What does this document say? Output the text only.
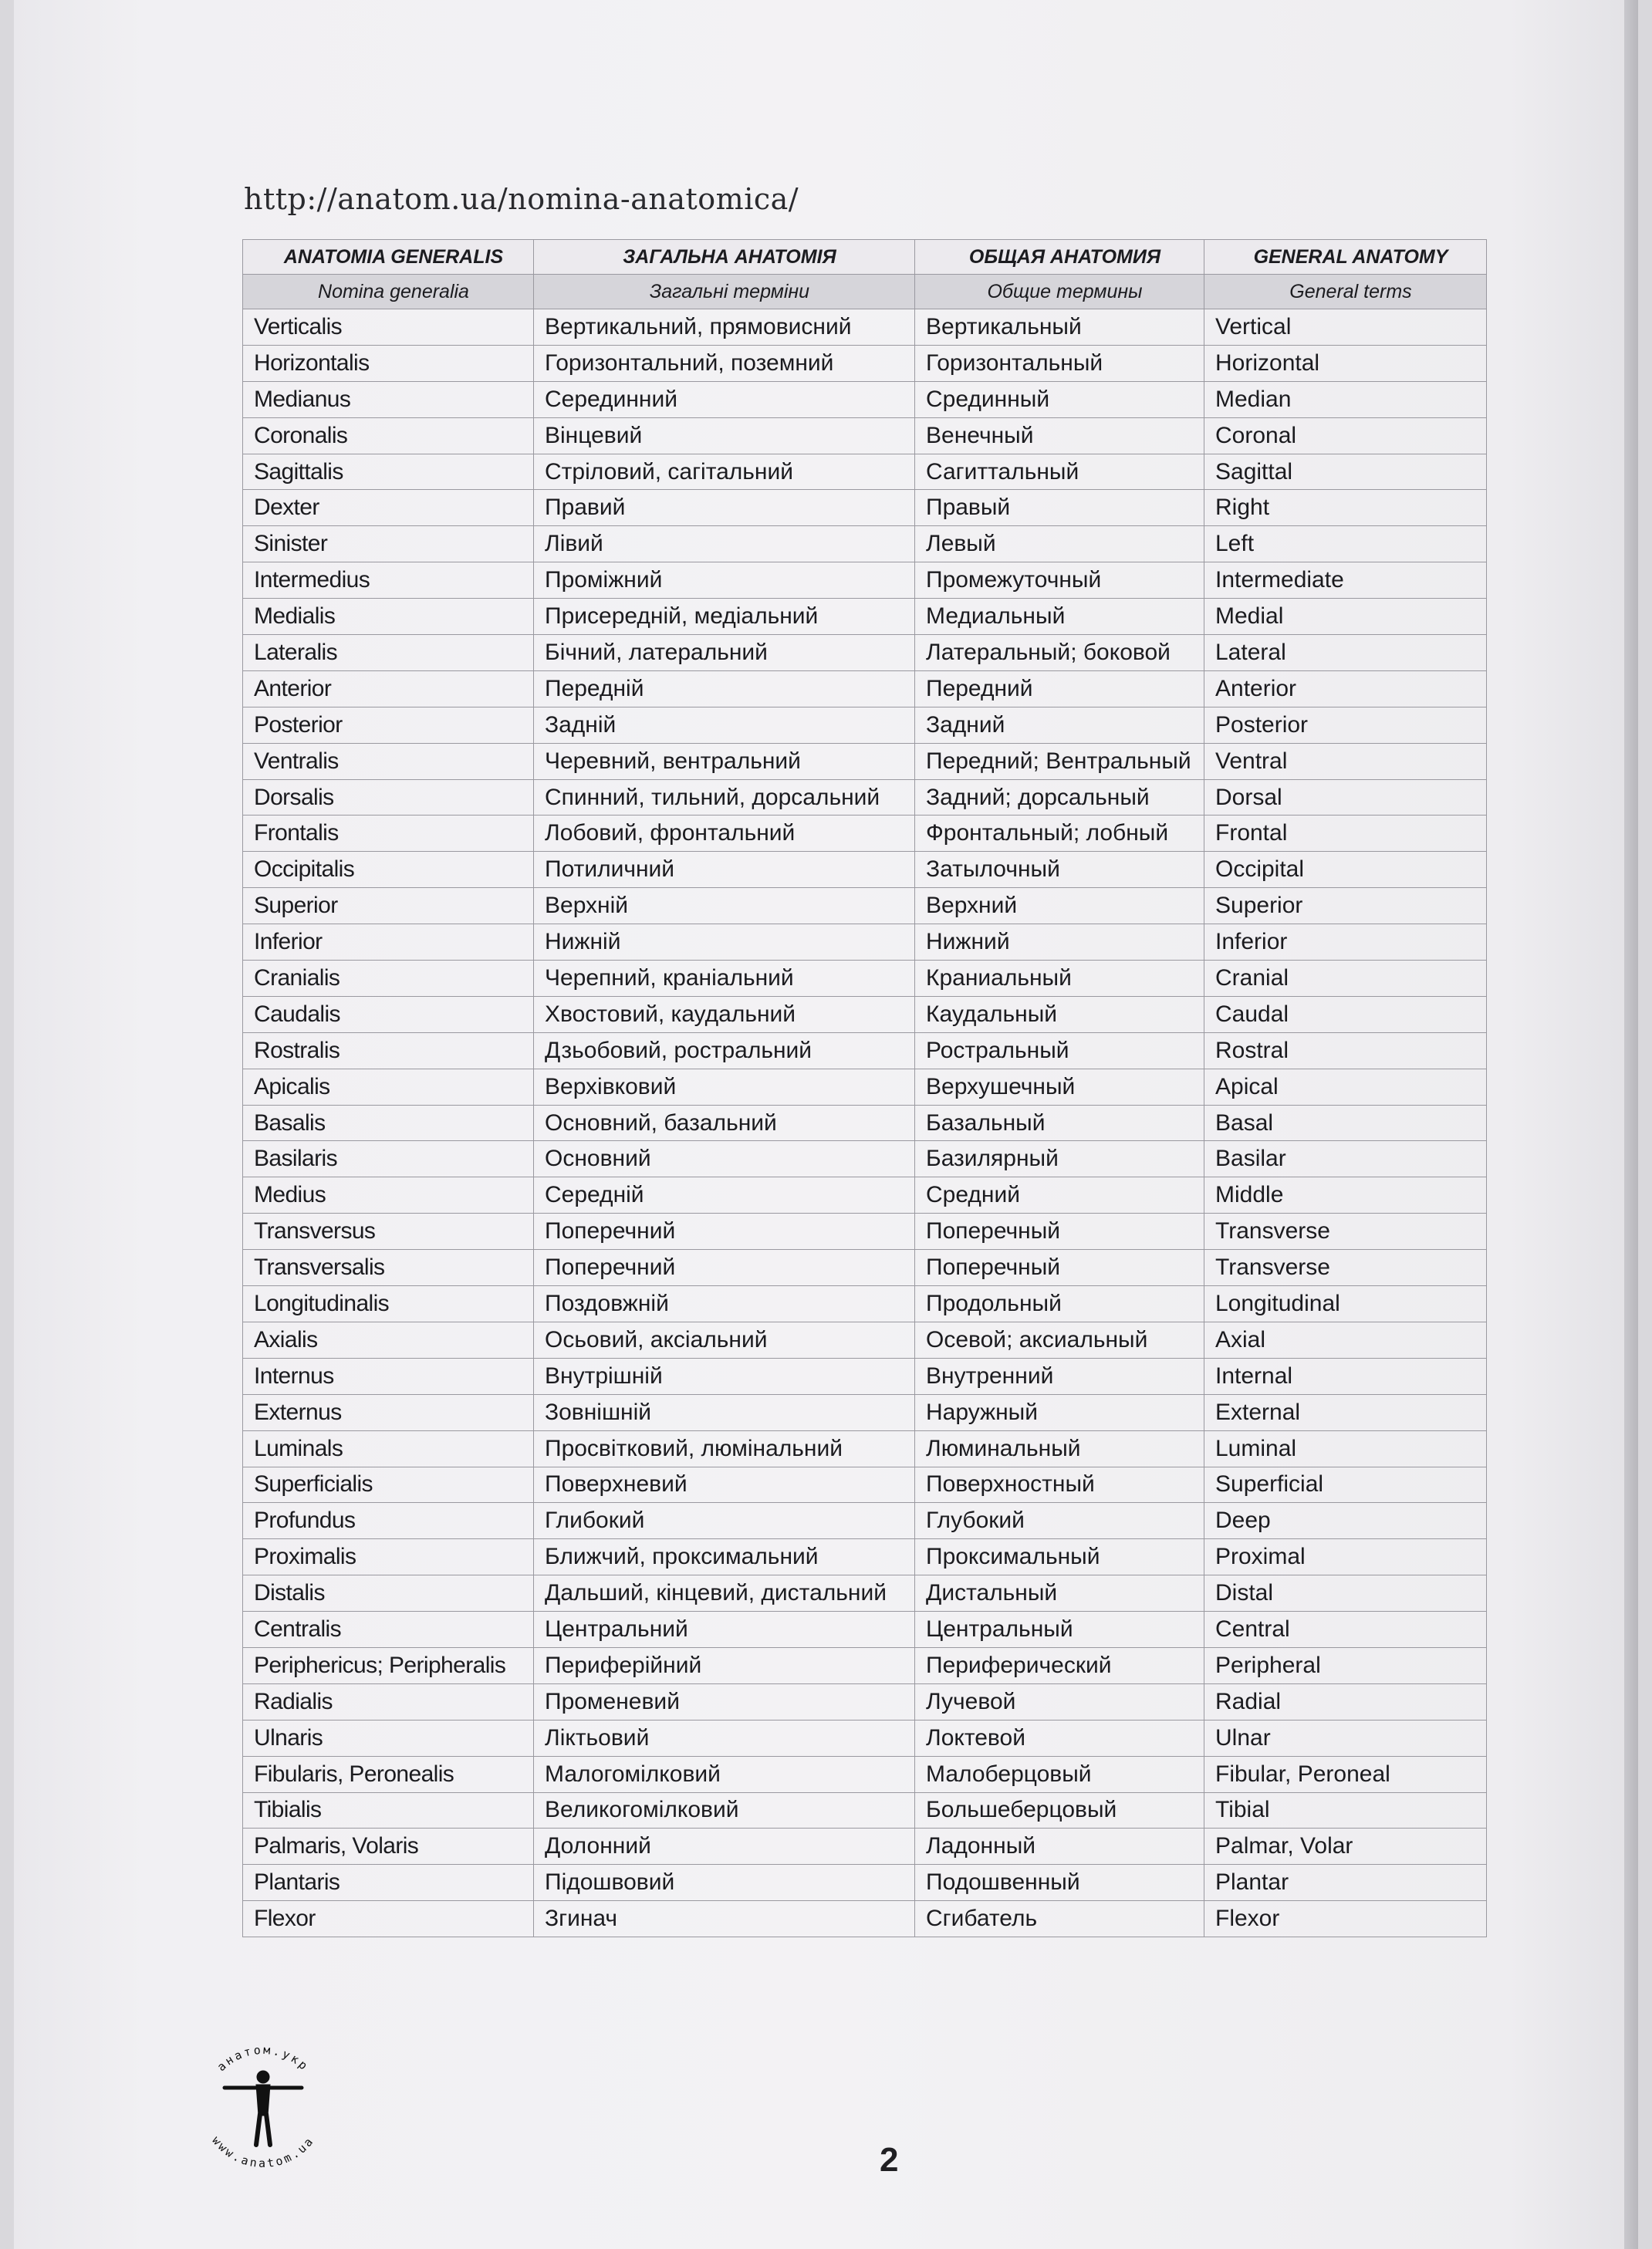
http://anatom.ua/nomina-anatomica/
ANATOMIA GENERALIS	ЗАГАЛЬНА АНАТОМІЯ	ОБЩАЯ АНАТОМИЯ	GENERAL ANATOMY
Nomina generalia	Загальні терміни	Общие термины	General terms
Verticalis	Вертикальний, прямовисний	Вертикальный	Vertical
Horizontalis	Горизонтальний, поземний	Горизонтальный	Horizontal
Medianus	Серединний	Срединный	Median
Coronalis	Вінцевий	Венечный	Coronal
Sagittalis	Стріловий, сагітальний	Сагиттальный	Sagittal
Dexter	Правий	Правый	Right
Sinister	Лівий	Левый	Left
Intermedius	Проміжний	Промежуточный	Intermediate
Medialis	Присередній, медіальний	Медиальный	Medial
Lateralis	Бічний, латеральний	Латеральный; боковой	Lateral
Anterior	Передній	Передний	Anterior
Posterior	Задній	Задний	Posterior
Ventralis	Черевний, вентральний	Передний; Вентральный	Ventral
Dorsalis	Спинний, тильний, дорсальний	Задний; дорсальный	Dorsal
Frontalis	Лобовий, фронтальний	Фронтальный; лобный	Frontal
Occipitalis	Потиличний	Затылочный	Occipital
Superior	Верхній	Верхний	Superior
Inferior	Нижній	Нижний	Inferior
Cranialis	Черепний, краніальний	Краниальный	Cranial
Caudalis	Хвостовий, каудальний	Каудальный	Caudal
Rostralis	Дзьобовий, ростральний	Ростральный	Rostral
Apicalis	Верхівковий	Верхушечный	Apical
Basalis	Основний, базальний	Базальный	Basal
Basilaris	Основний	Базилярный	Basilar
Medius	Середній	Средний	Middle
Transversus	Поперечний	Поперечный	Transverse
Transversalis	Поперечний	Поперечный	Transverse
Longitudinalis	Поздовжній	Продольный	Longitudinal
Axialis	Осьовий, аксіальний	Осевой; аксиальный	Axial
Internus	Внутрішній	Внутренний	Internal
Externus	Зовнішній	Наружный	External
Luminals	Просвітковий, люмінальний	Люминальный	Luminal
Superficialis	Поверхневий	Поверхностный	Superficial
Profundus	Глибокий	Глубокий	Deep
Proximalis	Ближчий, проксимальний	Проксимальный	Proximal
Distalis	Дальший, кінцевий, дистальний	Дистальный	Distal
Centralis	Центральний	Центральный	Central
Periphericus; Peripheralis	Периферійний	Периферический	Peripheral
Radialis	Променевий	Лучевой	Radial
Ulnaris	Ліктьовий	Локтевой	Ulnar
Fibularis, Peronealis	Малогомілковий	Малоберцовый	Fibular, Peroneal
Tibialis	Великогомілковий	Большеберцовый	Tibial
Palmaris, Volaris	Долонний	Ладонный	Palmar, Volar
Plantaris	Підошвовий	Подошвенный	Plantar
Flexor	Згинач	Сгибатель	Flexor
анатом.укр
www.anatom.ua	2
